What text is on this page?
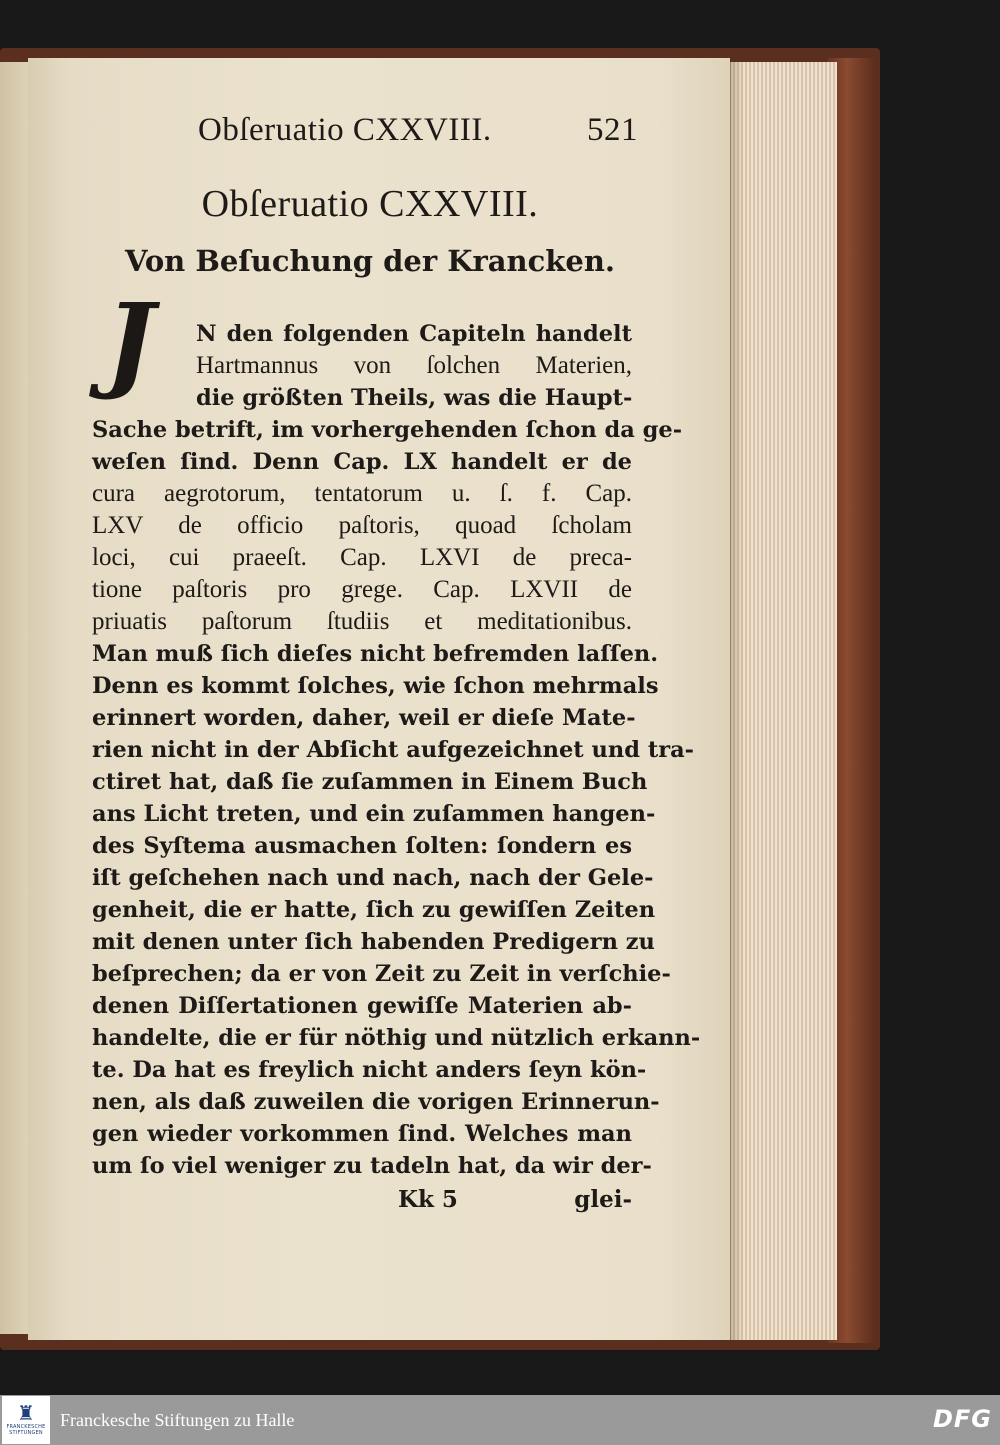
Obſeruatio CXXVIII.	521
Obſeruatio CXXVIII.
Von Beſuchung der Krancken.
J	N den folgenden Capiteln handelt
Hartmannus von ſolchen Materien,
die größten Theils, was die Haupt-
Sache betrift, im vorhergehenden ſchon da ge-
weſen ſind. Denn Cap. LX handelt er de
cura aegrotorum, tentatorum u. ſ. f. Cap.
LXV de officio paſtoris, quoad ſcholam
loci, cui praeeſt. Cap. LXVI de preca-
tione paſtoris pro grege. Cap. LXVII de
priuatis paſtorum ſtudiis et meditationibus.
Man muß ſich dieſes nicht befremden laſſen.
Denn es kommt ſolches, wie ſchon mehrmals
erinnert worden, daher, weil er dieſe Mate-
rien nicht in der Abſicht aufgezeichnet und tra-
ctiret hat, daß ſie zuſammen in Einem Buch
ans Licht treten, und ein zuſammen hangen-
des Syſtema ausmachen ſolten: ſondern es
iſt geſchehen nach und nach, nach der Gele-
genheit, die er hatte, ſich zu gewiſſen Zeiten
mit denen unter ſich habenden Predigern zu
beſprechen; da er von Zeit zu Zeit in verſchie-
denen Diſſertationen gewiſſe Materien ab-
handelte, die er für nöthig und nützlich erkann-
te. Da hat es freylich nicht anders ſeyn kön-
nen, als daß zuweilen die vorigen Erinnerun-
gen wieder vorkommen ſind. Welches man
um ſo viel weniger zu tadeln hat, da wir der-
Kk 5	glei-
♜
FRANCKESCHE STIFTUNGEN
Franckesche Stiftungen zu Halle	DFG
